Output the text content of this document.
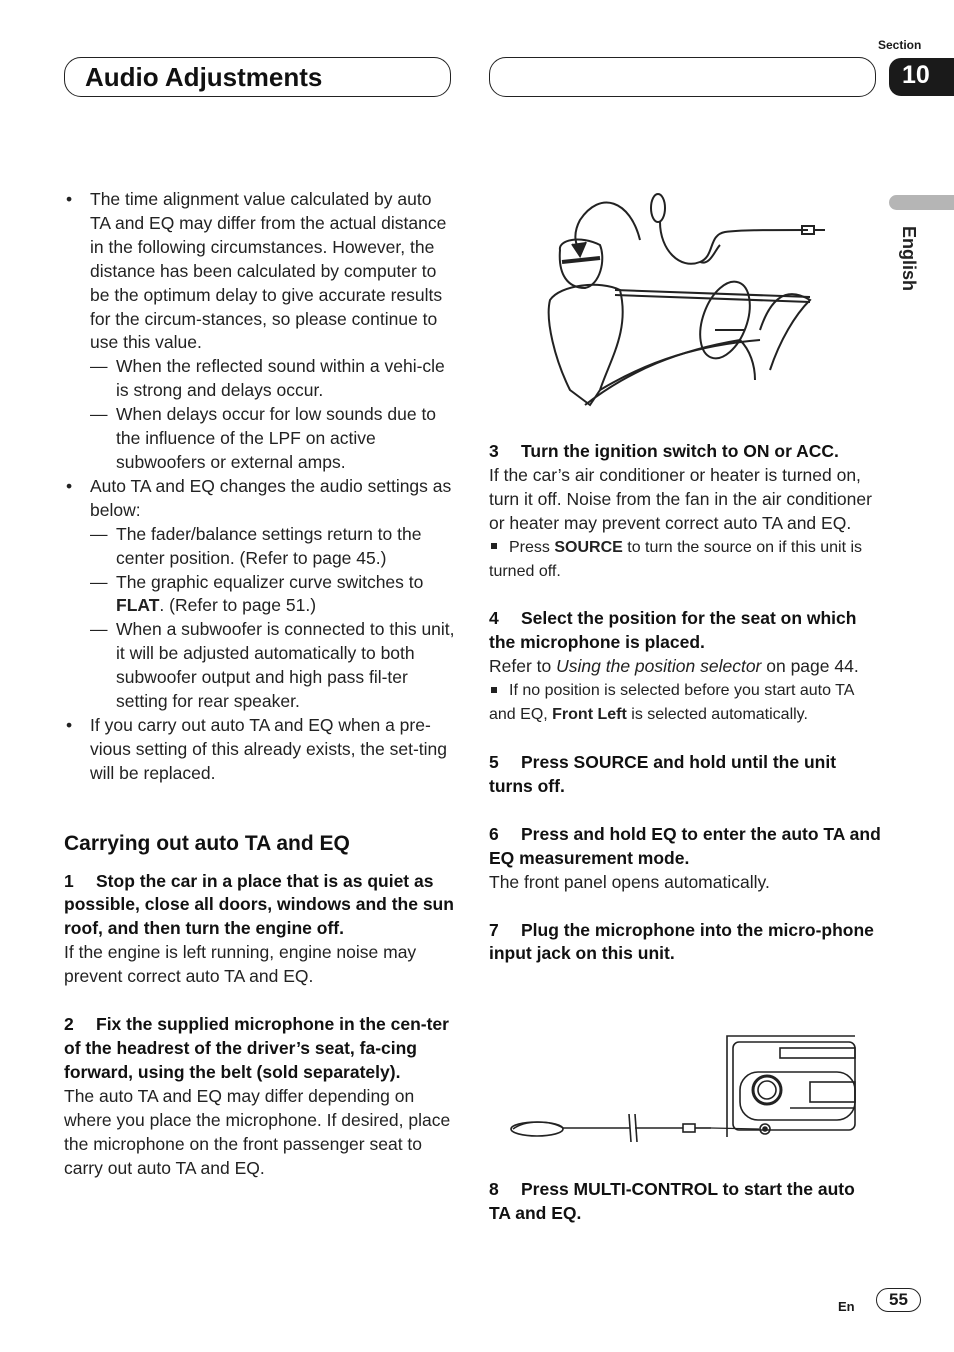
Audio Adjustments
Section
10
English
• The time alignment value calculated by auto TA and EQ may differ from the actual distance in the following circumstances. However, the distance has been calculated by computer to be the optimum delay to give accurate results for the circum-stances, so please continue to use this value.
— When the reflected sound within a vehi-cle is strong and delays occur.
— When delays occur for low sounds due to the influence of the LPF on active subwoofers or external amps.
• Auto TA and EQ changes the audio settings as below:
— The fader/balance settings return to the center position. (Refer to page 45.)
— The graphic equalizer curve switches to FLAT. (Refer to page 51.)
— When a subwoofer is connected to this unit, it will be adjusted automatically to both subwoofer output and high pass fil-ter setting for rear speaker.
• If you carry out auto TA and EQ when a pre-vious setting of this already exists, the set-ting will be replaced.
Carrying out auto TA and EQ
1 Stop the car in a place that is as quiet as possible, close all doors, windows and the sun roof, and then turn the engine off.
If the engine is left running, engine noise may prevent correct auto TA and EQ.
2 Fix the supplied microphone in the cen-ter of the headrest of the driver’s seat, fa-cing forward, using the belt (sold separately).
The auto TA and EQ may differ depending on where you place the microphone. If desired, place the microphone on the front passenger seat to carry out auto TA and EQ.
3 Turn the ignition switch to ON or ACC.
If the car’s air conditioner or heater is turned on, turn it off. Noise from the fan in the air conditioner or heater may prevent correct auto TA and EQ.
Press SOURCE to turn the source on if this unit is turned off.
4 Select the position for the seat on which the microphone is placed.
Refer to Using the position selector on page 44.
If no position is selected before you start auto TA and EQ, Front Left is selected automatically.
5 Press SOURCE and hold until the unit turns off.
6 Press and hold EQ to enter the auto TA and EQ measurement mode.
The front panel opens automatically.
7 Plug the microphone into the micro-phone input jack on this unit.
8 Press MULTI-CONTROL to start the auto TA and EQ.
En	55
